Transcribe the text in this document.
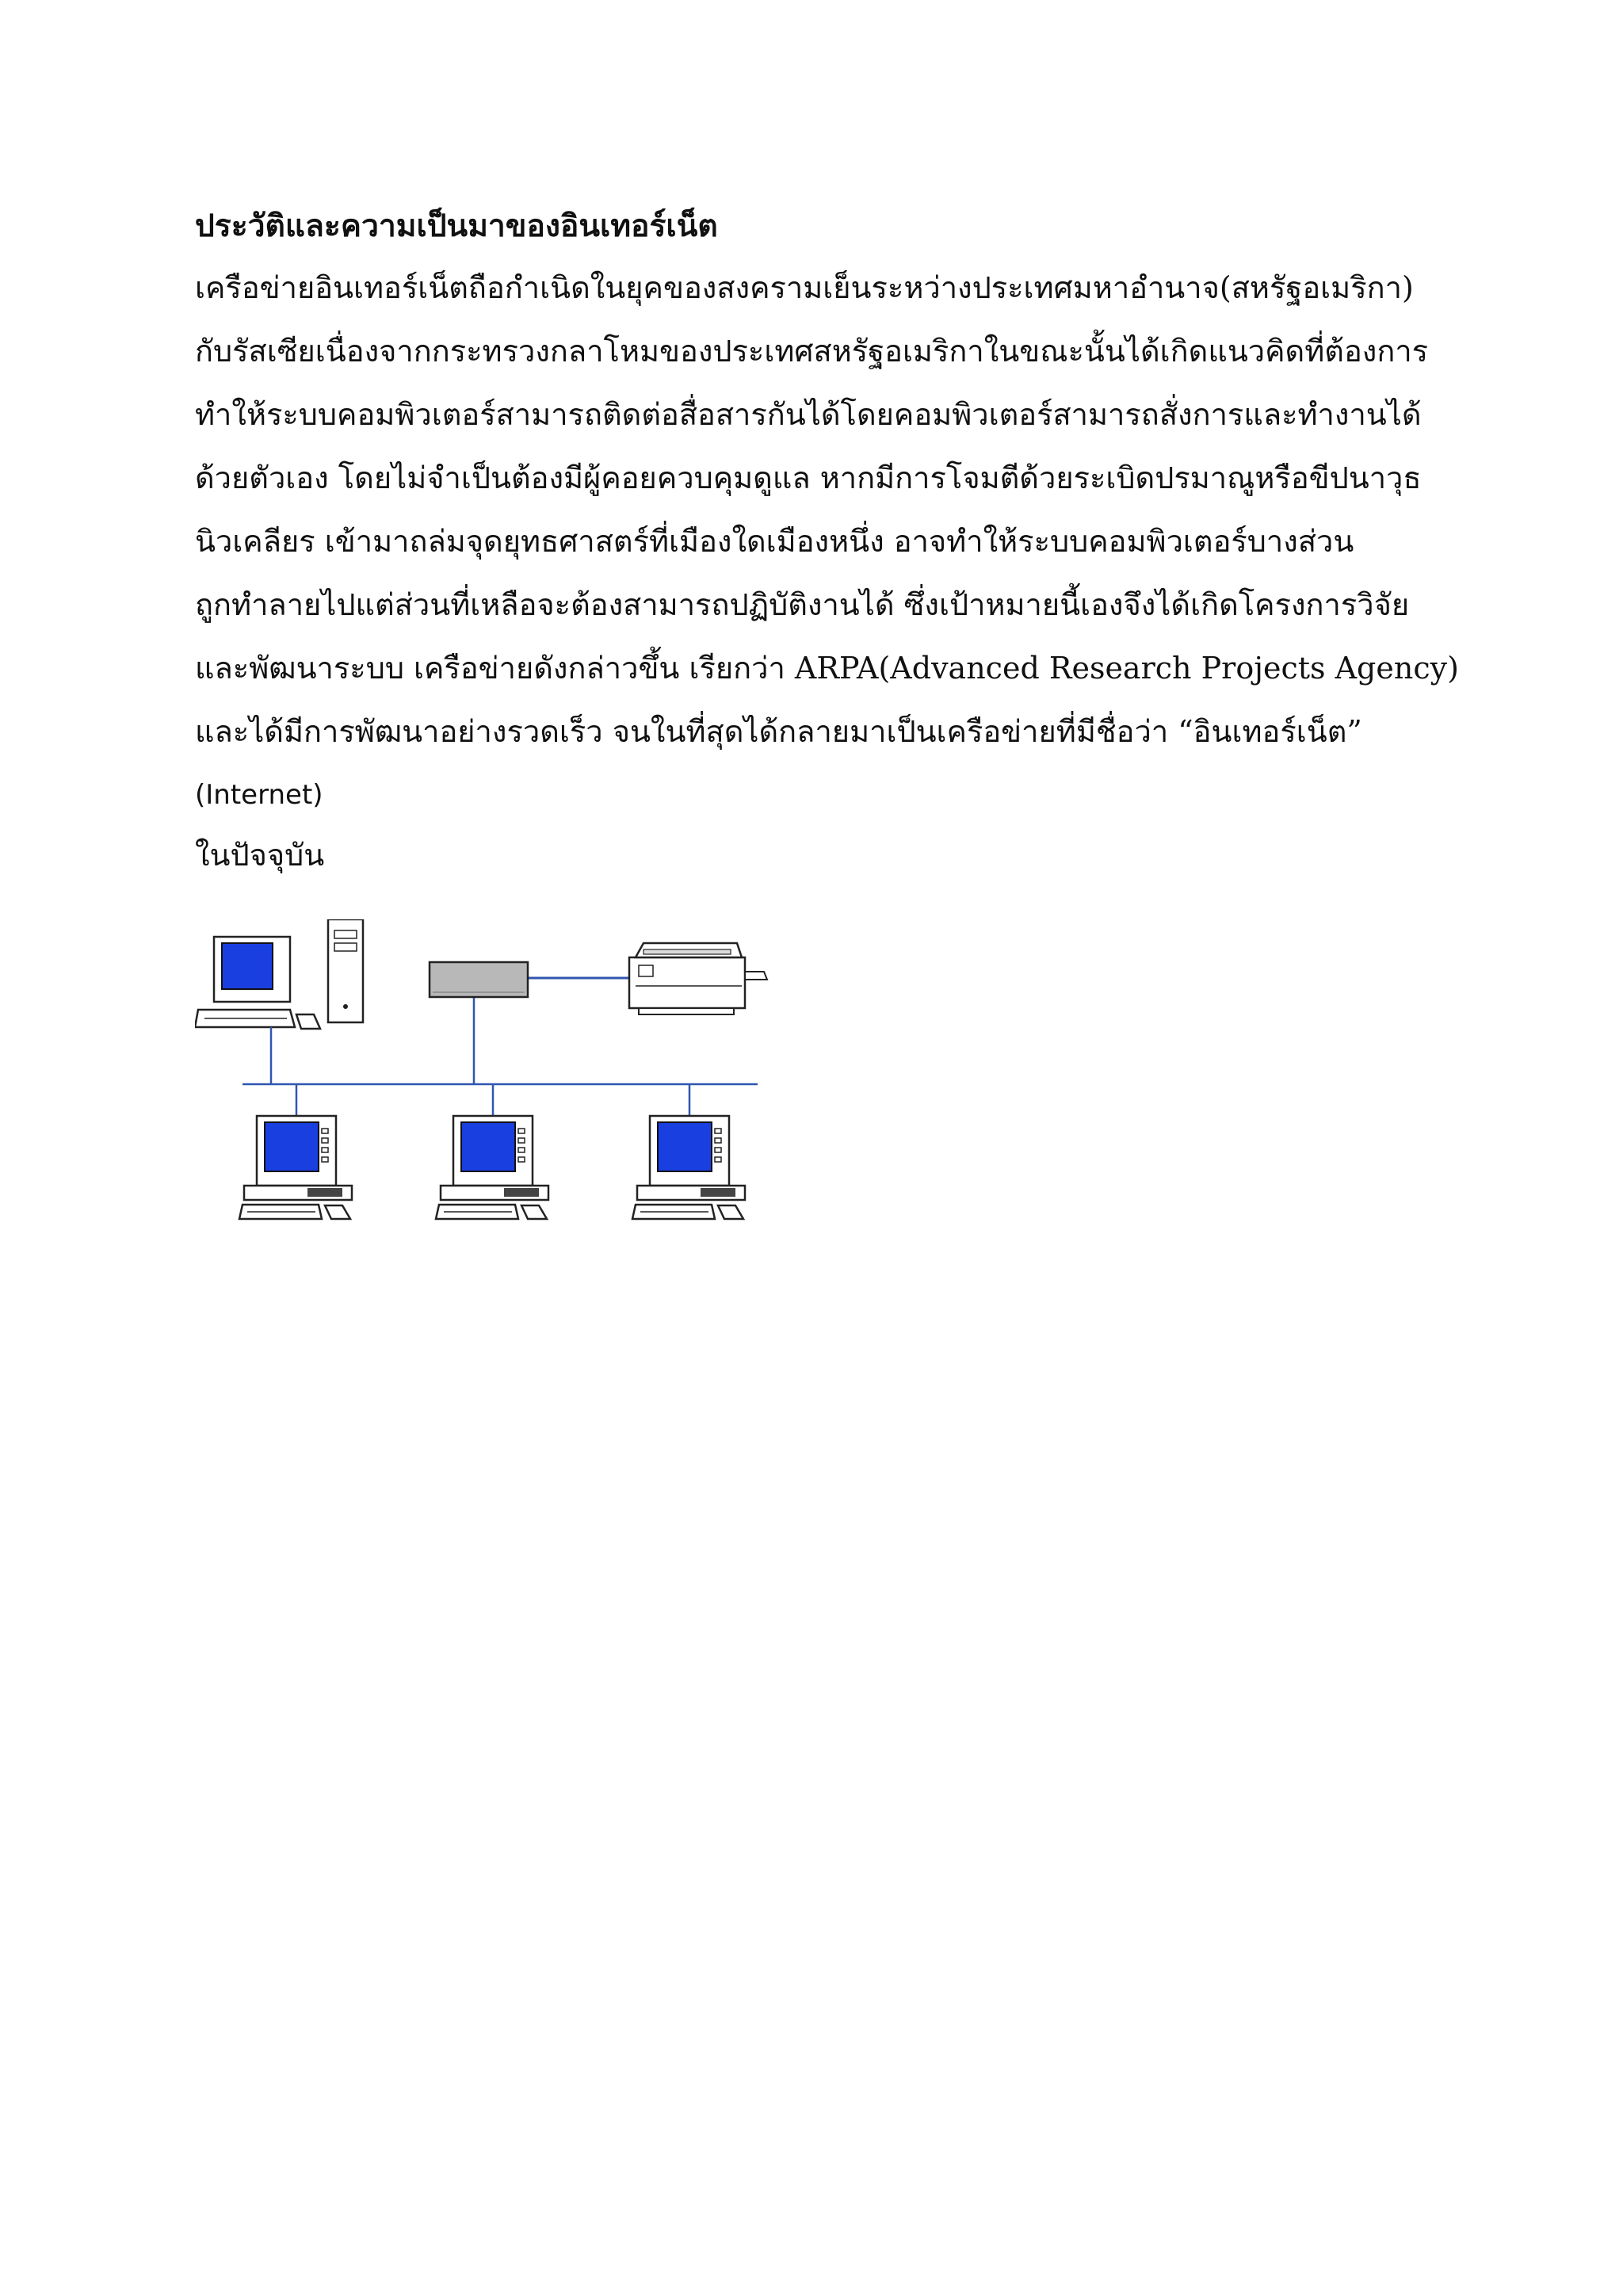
ประวัติและความเป็นมาของอินเทอร์เน็ต
เครือข่ายอินเทอร์เน็ตถือกำเนิดในยุคของสงครามเย็นระหว่างประเทศมหาอำนาจ(สหรัฐอเมริกา)
กับรัสเซียเนื่องจากกระทรวงกลาโหมของประเทศสหรัฐอเมริกาในขณะนั้นได้เกิดแนวคิดที่ต้องการ
ทำให้ระบบคอมพิวเตอร์สามารถติดต่อสื่อสารกันได้โดยคอมพิวเตอร์สามารถสั่งการและทำงานได้
ด้วยตัวเอง โดยไม่จำเป็นต้องมีผู้คอยควบคุมดูแล หากมีการโจมตีด้วยระเบิดปรมาณูหรือขีปนาวุธ
นิวเคลียร เข้ามาถล่มจุดยุทธศาสตร์ที่เมืองใดเมืองหนึ่ง อาจทำให้ระบบคอมพิวเตอร์บางส่วน
ถูกทำลายไปแต่ส่วนที่เหลือจะต้องสามารถปฏิบัติงานได้ ซึ่งเป้าหมายนี้เองจึงได้เกิดโครงการวิจัย
และพัฒนาระบบ เครือข่ายดังกล่าวขึ้น เรียกว่า ARPA(Advanced Research Projects Agency)
และได้มีการพัฒนาอย่างรวดเร็ว จนในที่สุดได้กลายมาเป็นเครือข่ายที่มีชื่อว่า “อินเทอร์เน็ต”
(Internet)
ในปัจจุบัน
